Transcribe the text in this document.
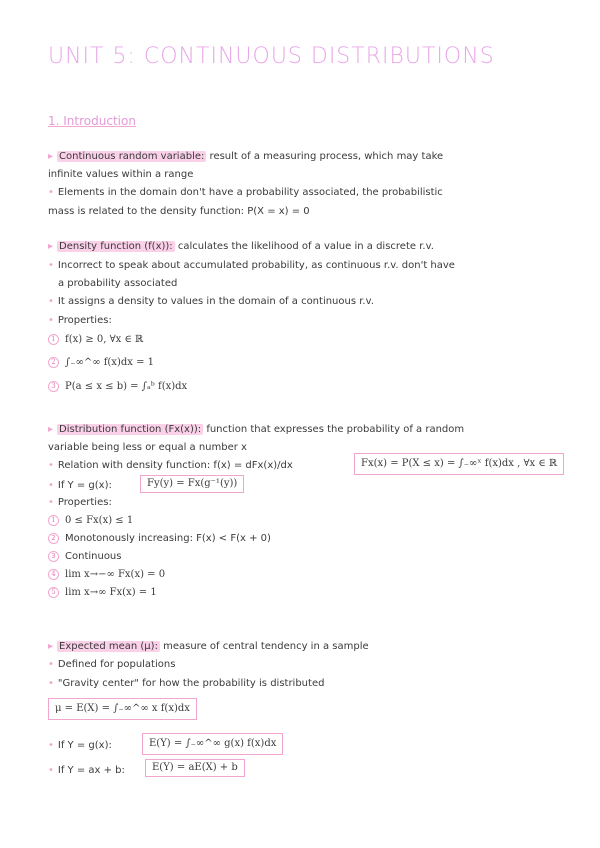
UNIT 5: CONTINUOUS DISTRIBUTIONS
1. Introduction
▸ Continuous random variable: result of a measuring process, which may take
infinite values within a range
• Elements in the domain don't have a probability associated, the probabilistic
mass is related to the density function: P(X = x) = 0
▸ Density function (f(x)): calculates the likelihood of a value in a discrete r.v.
• Incorrect to speak about accumulated probability, as continuous r.v. don't have
a probability associated
• It assigns a density to values in the domain of a continuous r.v.
• Properties:
1 f(x) ≥ 0, ∀x ∈ ℝ
2 ∫₋∞^∞ f(x)dx = 1
3 P(a ≤ x ≤ b) = ∫ₐᵇ f(x)dx
▸ Distribution function (Fx(x)): function that expresses the probability of a random
variable being less or equal a number x
• Relation with density function: f(x) = dFx(x)/dx	Fx(x) = P(X ≤ x) = ∫₋∞ˣ f(x)dx , ∀x ∈ ℝ
• If Y = g(x):	Fy(y) = Fx(g⁻¹(y))
• Properties:
1 0 ≤ Fx(x) ≤ 1
2 Monotonously increasing: F(x) < F(x + 0)
3 Continuous
4 lim x→−∞ Fx(x) = 0
5 lim x→∞ Fx(x) = 1
▸ Expected mean (μ): measure of central tendency in a sample
• Defined for populations
• "Gravity center" for how the probability is distributed
μ = E(X) = ∫₋∞^∞ x f(x)dx
• If Y = g(x):	E(Y) = ∫₋∞^∞ g(x) f(x)dx
• If Y = ax + b:	E(Y) = aE(X) + b
